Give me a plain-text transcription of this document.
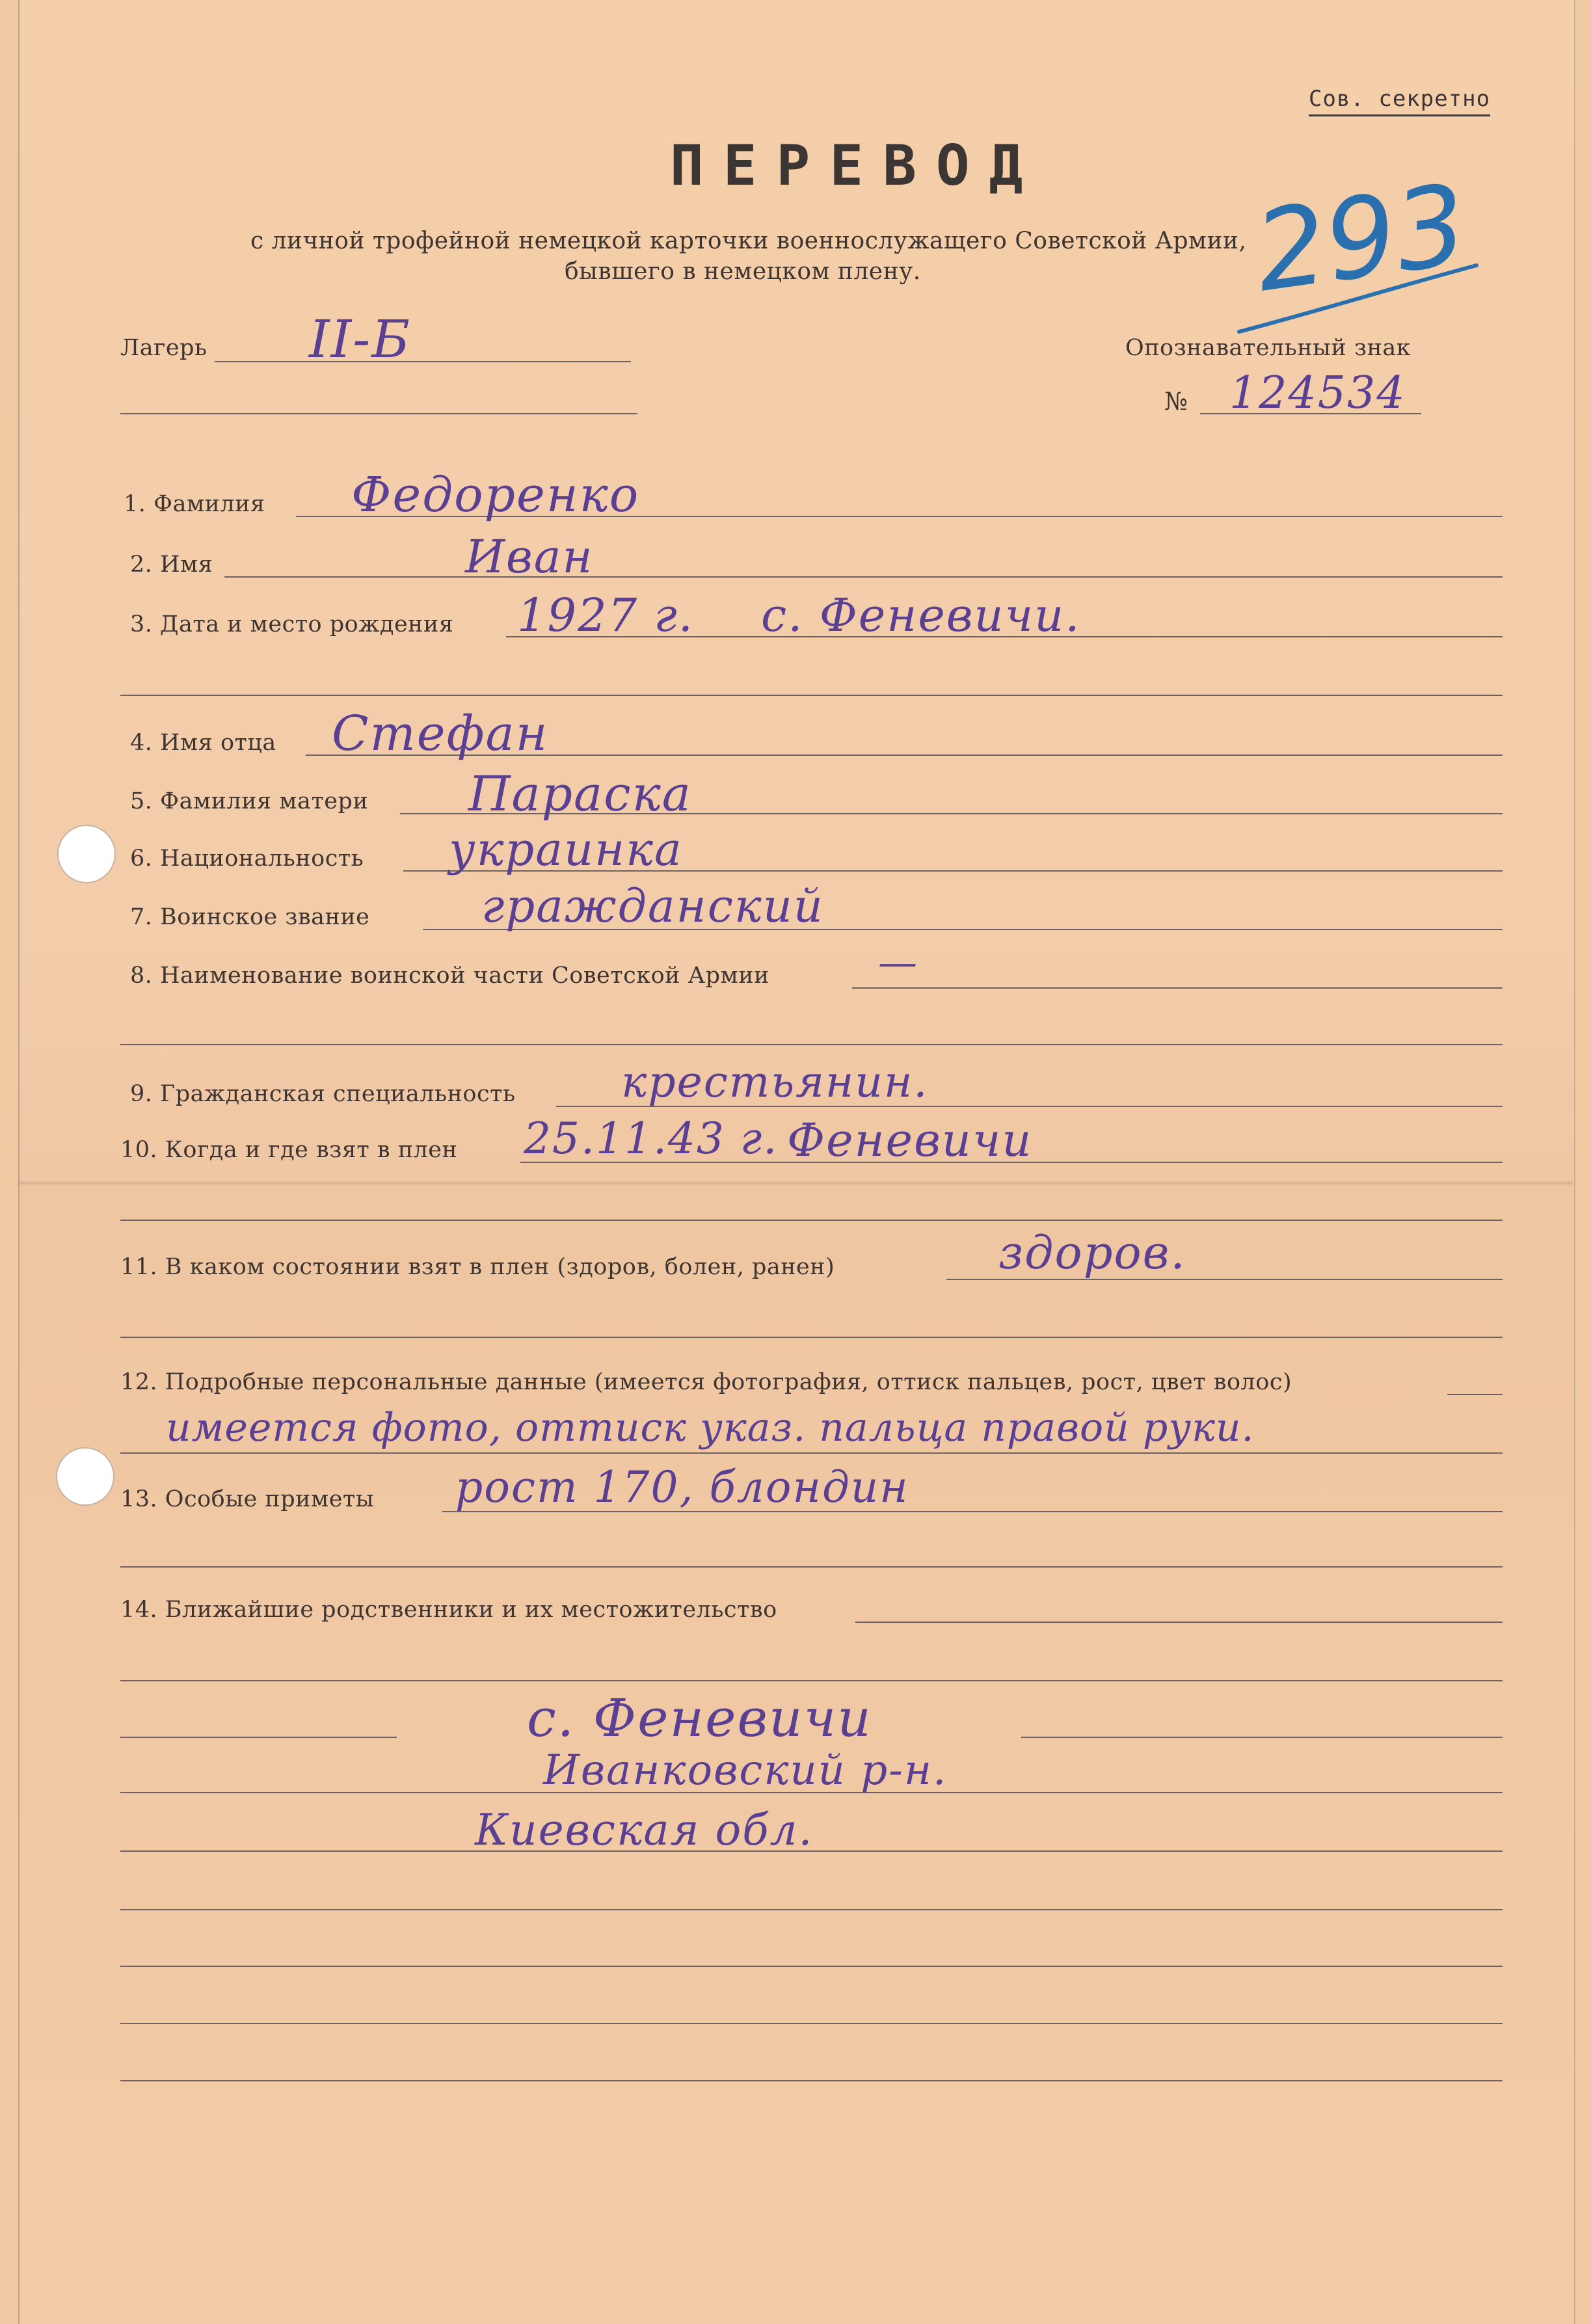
Сов. секретно
ПЕРЕВОД
с личной трофейной немецкой карточки военнослужащего Советской Армии,
бывшего в немецком плену.	293
Лагерь II-Б	Опознавательный знак
№ 124534
1. Фамилия Федоренко
2. Имя	Иван
3. Дата и место рождения 1927 г. с. Феневичи.
4. Имя отца Стефан
5. Фамилия матери Параска
6. Национальность украинка
7. Воинское звание гражданский
8. Наименование воинской части Советской Армии	—
9. Гражданская специальность крестьянин.
10. Когда и где взят в плен 25.11.43 г. Феневичи
11. В каком состоянии взят в плен (здоров, болен, ранен)	здоров.
12. Подробные персональные данные (имеется фотография, оттиск пальцев, рост, цвет волос)
имеется фото, оттиск указ. пальца правой руки.
13. Особые приметы рост 170, блондин
14. Ближайшие родственники и их местожительство
с. Феневичи
Иванковский р-н.
Киевская обл.
